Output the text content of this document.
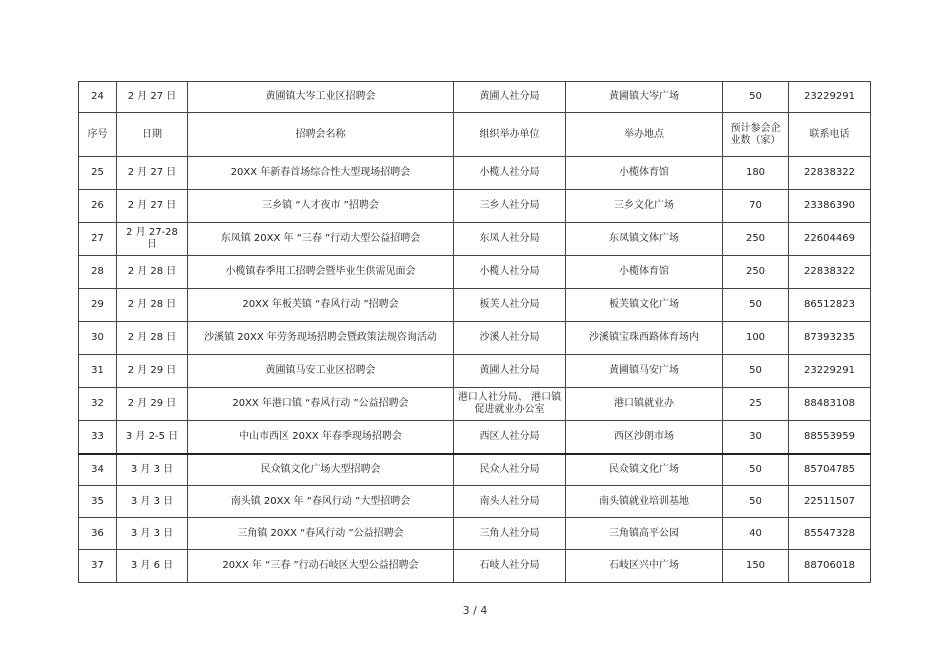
24	2 月 27 日	黄圃镇大岑工业区招聘会	黄圃人社分局	黄圃镇大岑广场	50	23229291
序号	日期	招聘会名称	组织举办单位	举办地点	预计参会企业数（家）	联系电话
25	2 月 27 日	20XX 年新春首场综合性大型现场招聘会	小榄人社分局	小榄体育馆	180	22838322
26	2 月 27 日	三乡镇 “人才夜市 ”招聘会	三乡人社分局	三乡文化广场	70	23386390
27	2 月 27-28 日	东凤镇 20XX 年 “三春 ”行动大型公益招聘会	东凤人社分局	东凤镇文体广场	250	22604469
28	2 月 28 日	小榄镇春季用工招聘会暨毕业生供需见面会	小榄人社分局	小榄体育馆	250	22838322
29	2 月 28 日	20XX 年板芙镇 “春风行动 ”招聘会	板芙人社分局	板芙镇文化广场	50	86512823
30	2 月 28 日	沙溪镇 20XX 年劳务现场招聘会暨政策法规咨询活动	沙溪人社分局	沙溪镇宝珠西路体育场内	100	87393235
31	2 月 29 日	黄圃镇马安工业区招聘会	黄圃人社分局	黄圃镇马安广场	50	23229291
32	2 月 29 日	20XX 年港口镇 “春风行动 ”公益招聘会	港口人社分局、 港口镇促进就业办公室	港口镇就业办	25	88483108
33	3 月 2-5 日	中山市西区 20XX 年春季现场招聘会	西区人社分局	西区沙朗市场	30	88553959
34	3 月 3 日	民众镇文化广场大型招聘会	民众人社分局	民众镇文化广场	50	85704785
35	3 月 3 日	南头镇 20XX 年 “春风行动 ”大型招聘会	南头人社分局	南头镇就业培训基地	50	22511507
36	3 月 3 日	三角镇 20XX “春风行动 ”公益招聘会	三角人社分局	三角镇高平公园	40	85547328
37	3 月 6 日	20XX 年 “三春 ”行动石岐区大型公益招聘会	石岐人社分局	石岐区兴中广场	150	88706018
3 / 4
